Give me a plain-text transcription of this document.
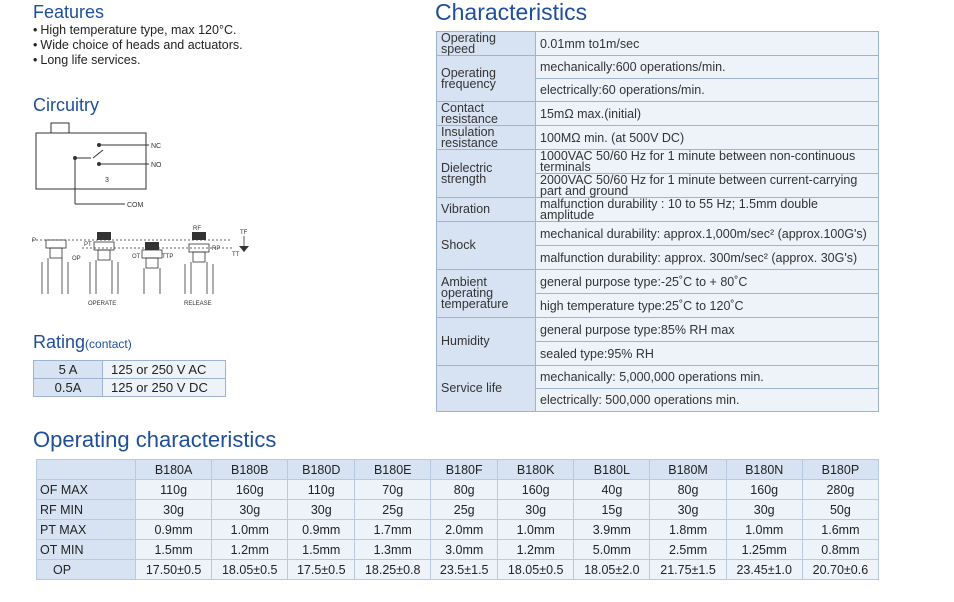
Features
• High temperature type, max 120°C.
• Wide choice of heads and actuators.
• Long life services.
Circuitry
NC
NO
COM
3
P
OF
OP
PT
OT
RF
RP
TTP	TT
TF
OPERATE	RELEASE
Rating(contact)
5 A	125 or 250 V AC
0.5A	125 or 250 V DC
Characteristics
Operating speed	0.01mm to1m/sec
Operating frequency	mechanically:600 operations/min.
	electrically:60 operations/min.
Contact resistance	15mΩ max.(initial)
Insulation resistance	100MΩ min. (at 500V DC)
Dielectric strength	1000VAC 50/60 Hz for 1 minute between non-continuous terminals
	2000VAC 50/60 Hz for 1 minute between current-carrying part and ground
Vibration	malfunction durability : 10 to 55 Hz; 1.5mm double amplitude
Shock	mechanical durability: approx.1,000m/sec² (approx.100G's)
	malfunction durability: approx. 300m/sec² (approx. 30G's)
Ambient operating temperature	general purpose type:-25˚C to + 80˚C
	high temperature type:25˚C to 120˚C
Humidity	general purpose type:85% RH max
	sealed type:95% RH
Service life	mechanically: 5,000,000 operations min.
	electrically: 500,000 operations min.
Operating characteristics
	B180A	B180B	B180D	B180E	B180F	B180K	B180L	B180M	B180N	B180P
OF MAX	110g	160g	110g	70g	80g	160g	40g	80g	160g	280g
RF MIN	30g	30g	30g	25g	25g	30g	15g	30g	30g	50g
PT MAX	0.9mm	1.0mm	0.9mm	1.7mm	2.0mm	1.0mm	3.9mm	1.8mm	1.0mm	1.6mm
OT MIN	1.5mm	1.2mm	1.5mm	1.3mm	3.0mm	1.2mm	5.0mm	2.5mm	1.25mm	0.8mm
OP	17.50±0.5	18.05±0.5	17.5±0.5	18.25±0.8	23.5±1.5	18.05±0.5	18.05±2.0	21.75±1.5	23.45±1.0	20.70±0.6
